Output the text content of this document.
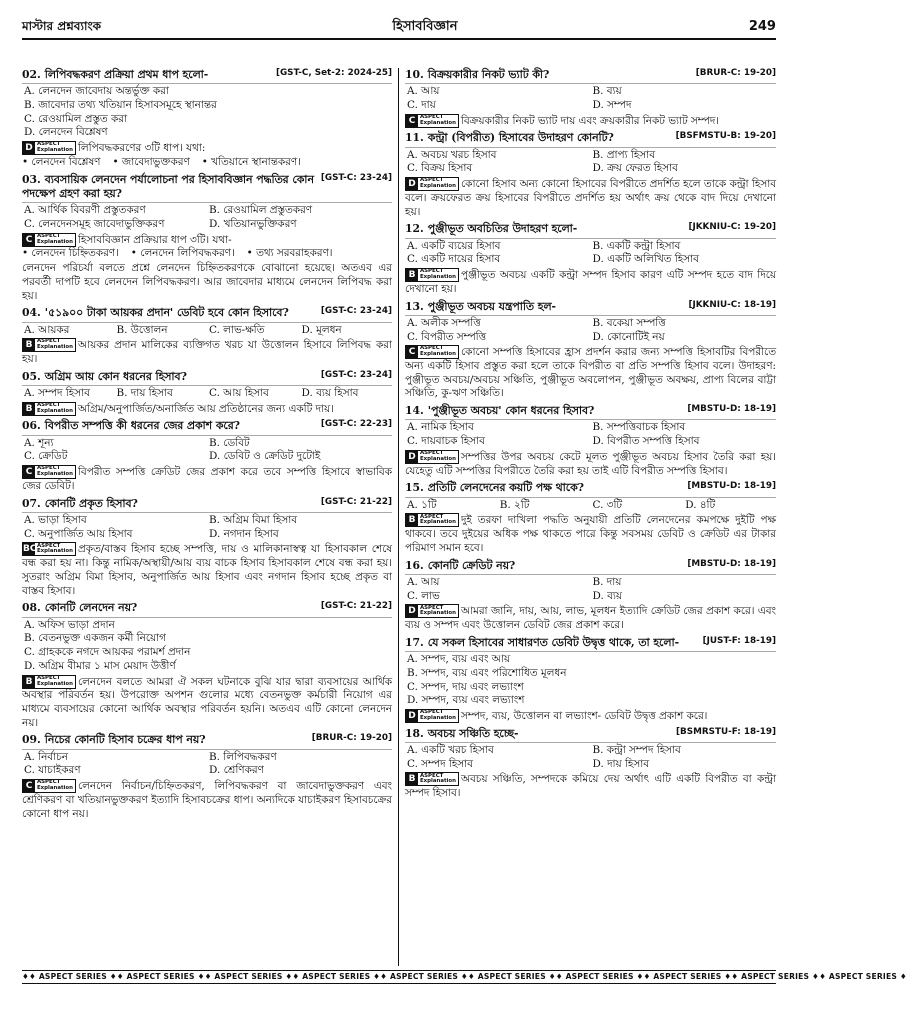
মাস্টার প্রশ্নব্যাংক	হিসাববিজ্ঞান	249
02. লিপিবদ্ধকরণ প্রক্রিয়া প্রথম ধাপ হলো-	[GST-C, Set-2: 2024-25]
A. লেনদেন জাবেদায় অন্তর্ভুক্ত করা
B. জাবেদার তথ্য খতিয়ান হিসাবসমূহে স্থানান্তর
C. রেওয়ামিল প্রস্তুত করা
D. লেনদেন বিশ্লেষণ
D ASPECT
Explanation লিপিবদ্ধকরণের ৩টি ধাপ। যথা:
• লেনদেন বিশ্লেষণ • জাবেদাভুক্তকরণ • খতিয়ানে স্থানান্তকরণ।
03. ব্যবসায়িক লেনদেন পর্যালোচনা পর হিসাববিজ্ঞান পদ্ধতির কোন পদক্ষেপ গ্রহণ করা হয়?
[GST-C: 23-24]
A. আর্থিক বিবরণী প্রস্তুতকরণ	B. রেওয়ামিল প্রস্তুতকরণ
C. লেনদেনসমূহ জাবেদাভুক্তিকরণ	D. খতিয়ানভুক্তিকরণ
C ASPECT
Explanation হিসাববিজ্ঞান প্রক্রিয়ার ধাপ ৩টি। যথা-
• লেনদেন চিহ্নিতকরণ। • লেনদেন লিপিবদ্ধকরণ। • তথ্য সরবরাহকরণ।
লেনদেন পরিচর্যা বলতে প্রশ্নে লেনদেন চিহ্নিতকরণকে বোঝানো হয়েছে। অতএব এর পরবর্তী দাপটি হবে লেনদেন লিপিবদ্ধকরণ। আর জাবেদার মাধ্যমে লেনদেন লিপিবদ্ধ করা হয়।
04. '৫১৯০০ টাকা আয়কর প্রদান' ডেবিট হবে কোন হিসাবে?	[GST-C: 23-24]
A. আয়কর	B. উত্তোলন	C. লাভ-ক্ষতি	D. মূলধন
B ASPECT
Explanation আয়কর প্রদান মালিকের ব্যক্তিগত খরচ যা উত্তোলন হিসাবে লিপিবদ্ধ করা হয়।
05. অগ্রিম আয় কোন ধরনের হিসাব?	[GST-C: 23-24]
A. সম্পদ হিসাব	B. দায় হিসাব	C. আয় হিসাব	D. ব্যয় হিসাব
B ASPECT
Explanation অগ্রিম/অনুপার্জিত/অনার্জিত আয় প্রতিষ্ঠানের জন্য একটি দায়।
06. বিপরীত সম্পত্তি কী ধরনের জের প্রকাশ করে?	[GST-C: 22-23]
A. শূন্য	B. ডেবিট
C. ক্রেডিট	D. ডেবিট ও ক্রেডিট দুটোই
C ASPECT
Explanation বিপরীত সম্পত্তি ক্রেডিট জের প্রকাশ করে তবে সম্পত্তি হিসাবে স্বাভাবিক জের ডেবিট।
07. কোনটি প্রকৃত হিসাব?	[GST-C: 21-22]
A. ভাড়া হিসাব	B. অগ্রিম বিমা হিসাব
C. অনুপার্জিত আয় হিসাব	D. নগদান হিসাব
BCD
ASPECT
Explanation প্রকৃত/বাস্তব হিসাব হচ্ছে সম্পত্তি, দায় ও মালিকানাস্বত্ব যা হিসাবকাল শেষে বন্ধ করা হয় না। কিন্তু নামিক/অস্থায়ী/আয় ব্যয় বাচক হিসাব হিসাবকাল শেষে বন্ধ করা হয়। সুতরাং অগ্রিম বিমা হিসাব, অনুপার্জিত আয় হিসাব এবং নগদান হিসাব হচ্ছে প্রকৃত বা বাস্তব হিসাব।
08. কোনটি লেনদেন নয়?	[GST-C: 21-22]
A. অফিস ভাড়া প্রদান
B. বেতনভুক্ত একজন কর্মী নিয়োগ
C. গ্রাহককে নগদে আয়কর পরামর্শ প্রদান
D. অগ্রিম বীমার ১ মাস মেয়াদ উত্তীর্ণ
B ASPECT
Explanation লেনদেন বলতে আমরা ঐ সকল ঘটনাকে বুঝি যার দ্বারা ব্যবসায়ের আর্থিক অবস্থার পরিবর্তন হয়। উপরোক্ত অপশন গুলোর মধ্যে বেতনভুক্ত কর্মচারী নিয়োগ এর মাধ্যমে ব্যবসায়ের কোনো আর্থিক অবস্থার পরিবর্তন হয়নি। অতএব এটি কোনো লেনদেন নয়।
09. নিচের কোনটি হিসাব চক্রের ধাপ নয়?	[BRUR-C: 19-20]
A. নির্বাচন	B. লিপিবদ্ধকরণ
C. যাচাইকরণ	D. শ্রেণিকরণ
C ASPECT
Explanation লেনদেন নির্বাচন/চিহ্নিতকরণ, লিপিবদ্ধকরণ বা জাবেদাভুক্তকরণ এবং শ্রেণিকরণ বা খতিয়ানভুক্তকরণ ইত্যাদি হিসাবচক্রের ধাপ। অন্যদিকে যাচাইকরণ হিসাবচক্রের কোনো ধাপ নয়।
10. বিক্রয়কারীর নিকট ভ্যাট কী?	[BRUR-C: 19-20]
A. আয়	B. ব্যয়
C. দায়	D. সম্পদ
C ASPECT
Explanation বিক্রয়কারীর নিকট ভ্যাট দায় এবং ক্রয়কারীর নিকট ভ্যাট সম্পদ।
11. কন্ট্রা (বিপরীত) হিসাবের উদাহরণ কোনটি?	[BSFMSTU-B: 19-20]
A. অবচয় খরচ হিসাব	B. প্রাপ্য হিসাব
C. বিক্রয় হিসাব	D. ক্রয় ফেরত হিসাব
D ASPECT
Explanation কোনো হিসাব অন্য কোনো হিসাবের বিপরীতে প্রদর্শিত হলে তাকে কন্ট্রা হিসাব বলে। ক্রয়ফেরত ক্রয় হিসাবের বিপরীতে প্রদর্শিত হয় অর্থাৎ ক্রয় থেকে বাদ দিয়ে দেখানো হয়।
12. পুঞ্জীভূত অবচিতির উদাহরণ হলো-	[JKKNIU-C: 19-20]
A. একটি ব্যয়ের হিসাব	B. একটি কন্ট্রা হিসাব
C. একটি দায়ের হিসাব	D. একটি অলিখিত হিসাব
B ASPECT
Explanation পুঞ্জীভূত অবচয় একটি কন্ট্রা সম্পদ হিসাব কারণ এটি সম্পদ হতে বাদ দিয়ে দেখানো হয়।
13. পুঞ্জীভূত অবচয় যন্ত্রপাতি হল-	[JKKNIU-C: 18-19]
A. অলীক সম্পত্তি	B. বকেয়া সম্পত্তি
C. বিপরীত সম্পত্তি	D. কোনোটিই নয়
C ASPECT
Explanation কোনো সম্পত্তি হিসাবের হ্রাস প্রদর্শন করার জন্য সম্পত্তি হিসাবটির বিপরীতে অন্য একটি হিসাব প্রস্তুত করা হলে তাকে বিপরীত বা প্রতি সম্পত্তি হিসাব বলে। উদাহরণ: পুঞ্জীভূত অবচয়/অবচয় সঞ্চিতি, পুঞ্জীভূত অবলোপন, পুঞ্জীভূত অবক্ষয়, প্রাপ্য বিলের বাট্টা সঞ্চিতি, কু-ঋণ সঞ্চিতি।
14. 'পুঞ্জীভূত অবচয়' কোন ধরনের হিসাব?	[MBSTU-D: 18-19]
A. নামিক হিসাব	B. সম্পত্তিবাচক হিসাব
C. দায়বাচক হিসাব	D. বিপরীত সম্পত্তি হিসাব
D ASPECT
Explanation সম্পত্তির উপর অবচয় কেটে মূলত পুঞ্জীভূত অবচয় হিসাব তৈরি করা হয়। যেহেতু এটি সম্পত্তির বিপরীতে তৈরি করা হয় তাই এটি বিপরীত সম্পত্তি হিসাব।
15. প্রতিটি লেনদেনের কয়টি পক্ষ থাকে?	[MBSTU-D: 18-19]
A. ১টি	B. ২টি	C. ৩টি	D. ৪টি
B ASPECT
Explanation দুই তরফা দাখিলা পদ্ধতি অনুযায়ী প্রতিটি লেনদেনের কমপক্ষে দুইটি পক্ষ থাকবে। তবে দুইয়ের অধিক পক্ষ থাকতে পারে কিন্তু সবসময় ডেবিট ও ক্রেডিট এর টাকার পরিমাণ সমান হবে।
16. কোনটি ক্রেডিট নয়?	[MBSTU-D: 18-19]
A. আয়	B. দায়
C. লাভ	D. ব্যয়
D ASPECT
Explanation আমরা জানি, দায়, আয়, লাভ, মূলধন ইত্যাদি ক্রেডিট জের প্রকাশ করে। এবং ব্যয় ও সম্পদ এবং উত্তোলন ডেবিট জের প্রকাশ করে।
17. যে সকল হিসাবের সাধারণত ডেবিট উদ্বৃত্ত থাকে, তা হলো-	[JUST-F: 18-19]
A. সম্পদ, ব্যয় এবং আয়
B. সম্পদ, ব্যয় এবং পরিশোধিত মূলধন
C. সম্পদ, দায় এবং লভ্যাংশ
D. সম্পদ, ব্যয় এবং লভ্যাংশ
D ASPECT
Explanation সম্পদ, ব্যয়, উত্তোলন বা লভ্যাংশ- ডেবিট উদ্বৃত্ত প্রকাশ করে।
18. অবচয় সঞ্চিতি হচ্ছে-	[BSMRSTU-F: 18-19]
A. একটি খরচ হিসাব	B. কন্ট্রা সম্পদ হিসাব
C. সম্পদ হিসাব	D. দায় হিসাব
B ASPECT
Explanation অবচয় সঞ্চিতি, সম্পদকে কমিয়ে দেয় অর্থাৎ এটি একটি বিপরীত বা কন্ট্রা সম্পদ হিসাব।
♦♦ ASPECT SERIES ♦♦ ASPECT SERIES ♦♦ ASPECT SERIES ♦♦ ASPECT SERIES ♦♦ ASPECT SERIES ♦♦ ASPECT SERIES ♦♦ ASPECT SERIES ♦♦ ASPECT SERIES ♦♦ ASPECT SERIES ♦♦ ASPECT SERIES ♦
